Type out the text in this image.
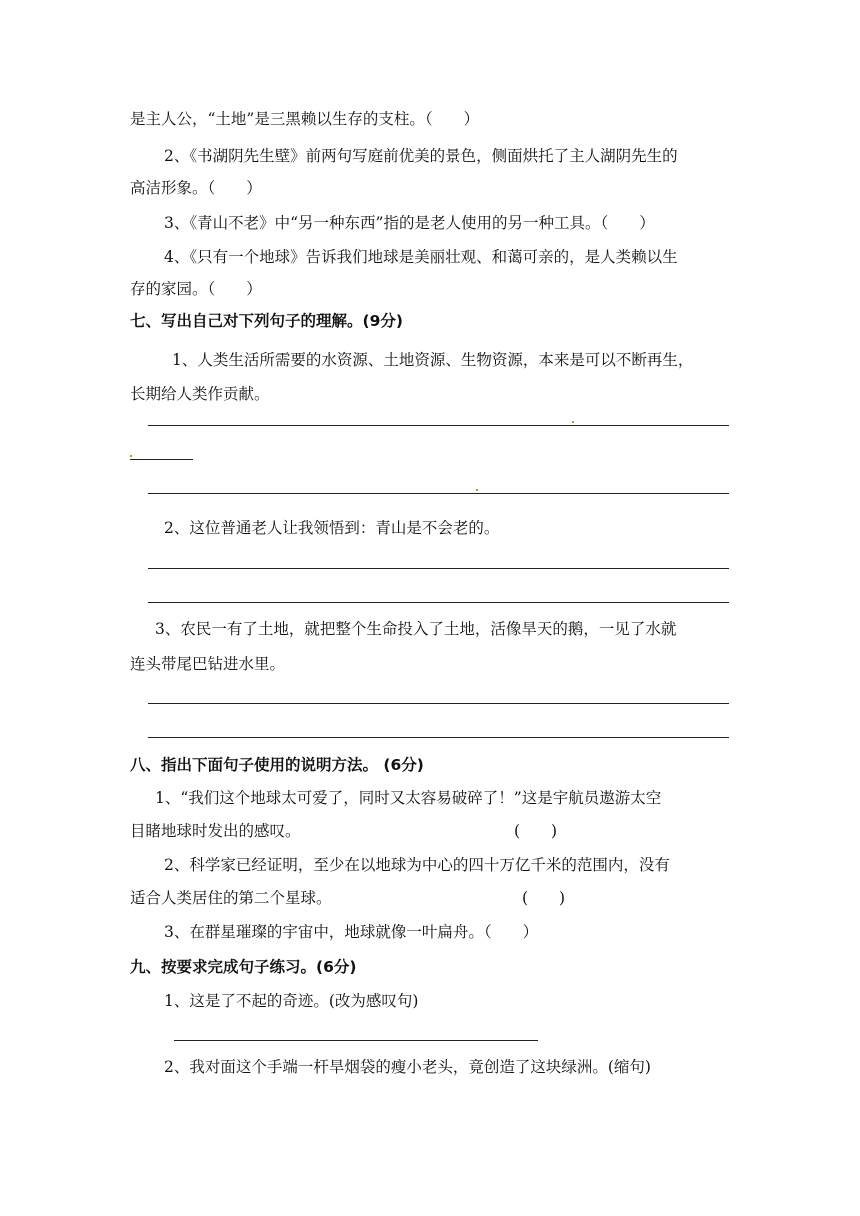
是主人公，“土地”是三黑赖以生存的支柱。（　　）
2、《书湖阴先生壁》前两句写庭前优美的景色，侧面烘托了主人湖阴先生的
高洁形象。（　　）
3、《青山不老》中“另一种东西”指的是老人使用的另一种工具。（　　）
4、《只有一个地球》告诉我们地球是美丽壮观、和蔼可亲的，是人类赖以生
存的家园。（　　）
七、写出自己对下列句子的理解。(9分)
1、人类生活所需要的水资源、土地资源、生物资源，本来是可以不断再生，
长期给人类作贡献。
2、这位普通老人让我领悟到：青山是不会老的。
3、农民一有了土地，就把整个生命投入了土地，活像旱天的鹅，一见了水就
连头带尾巴钻进水里。
八、指出下面句子使用的说明方法。 (6分)
1、“我们这个地球太可爱了，同时又太容易破碎了！”这是宇航员遨游太空
目睹地球时发出的感叹。	(　　)
2、科学家已经证明，至少在以地球为中心的四十万亿千米的范围内，没有
适合人类居住的第二个星球。	(　　)
3、在群星璀璨的宇宙中，地球就像一叶扁舟。（　　）
九、按要求完成句子练习。(6分)
1、这是了不起的奇迹。(改为感叹句)
2、我对面这个手端一杆旱烟袋的瘦小老头，竟创造了这块绿洲。(缩句)
